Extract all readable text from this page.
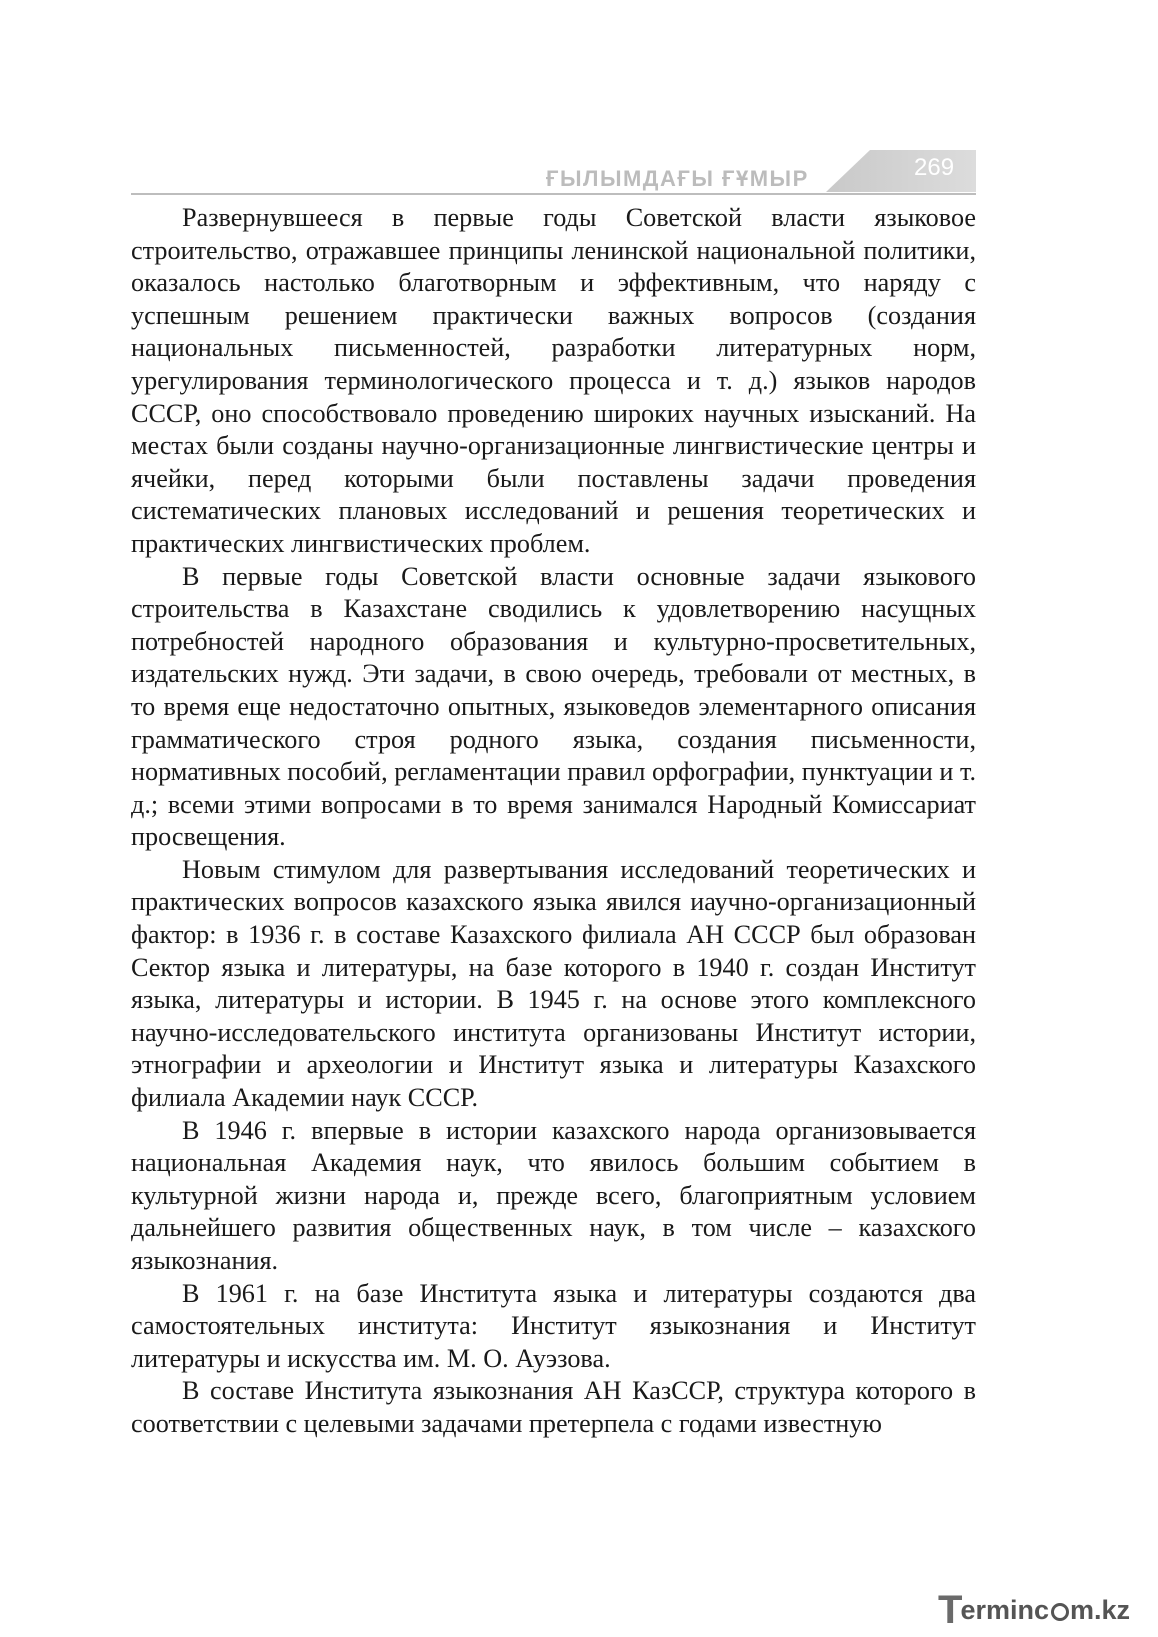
ҒЫЛЫМДАҒЫ ҒҰМЫР	269

Развернувшееся в первые годы Советской власти языковое строительство, отражавшее принципы ленинской национальной политики, оказалось настолько благотворным и эффективным, что наряду с успешным решением практически важных вопросов (создания национальных письменностей, разработки литературных норм, урегулирования терминологического процесса и т. д.) языков народов СССР, оно способствовало проведению широких научных изысканий. На местах были созданы научно-организационные лингвистические центры и ячейки, перед которыми были поставлены задачи проведения систематических плановых исследований и решения теоретических и практических лингвистических проблем.

В первые годы Советской власти основные задачи языкового строительства в Казахстане сводились к удовлетворению насущных потребностей народного образования и культурно-просветительных, издательских нужд. Эти задачи, в свою очередь, требовали от местных, в то время еще недостаточно опытных, языковедов элементарного описания грамматического строя родного языка, создания письменности, нормативных пособий, регламентации правил орфографии, пунктуации и т. д.; всеми этими вопросами в то время занимался Народный Комиссариат просвещения.

Новым стимулом для развертывания исследований теоретических и практических вопросов казахского языка явился иаучно-организационный фактор: в 1936 г. в составе Казахского филиала АН СССР был образован Сектор языка и литературы, на базе которого в 1940 г. создан Институт языка, литературы и истории. В 1945 г. на основе этого комплексного научно-исследовательского института организованы Институт истории, этнографии и археологии и Институт языка и литературы Казахского филиала Академии наук СССР.

В 1946 г. впервые в истории казахского народа организовывается национальная Академия наук, что явилось большим событием в культурной жизни народа и, прежде всего, благоприятным условием дальнейшего развития общественных наук, в том числе – казахского языкознания.

В 1961 г. на базе Института языка и литературы создаются два самостоятельных института: Институт языкознания и Институт литературы и искусства им. М. О. Ауэзова.

В составе Института языкознания АН КазССР, структура которого в соответствии с целевыми задачами претерпела с годами известную

T
erminc m.kz
